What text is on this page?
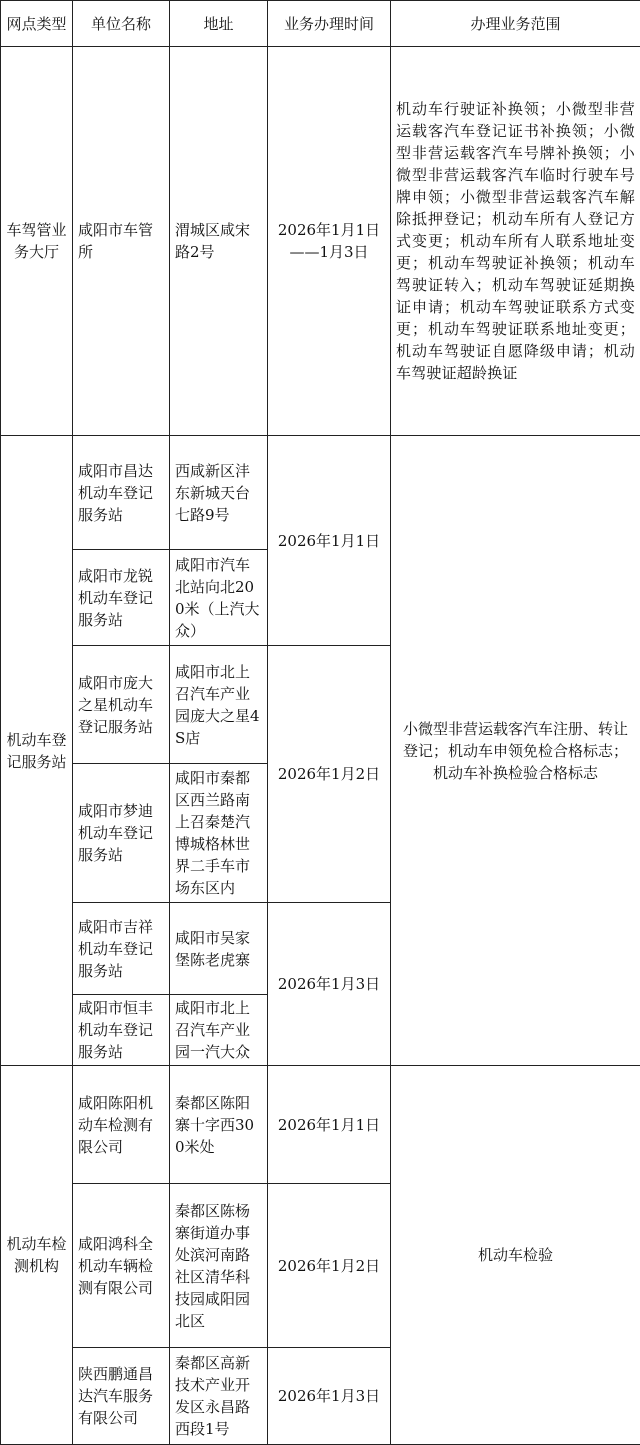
网点类型	单位名称	地址	业务办理时间	办理业务范围
车驾管业务大厅	咸阳市车管所	渭城区咸宋路2号	2026年1月1日——1月3日	机动车行驶证补换领；小微型非营运载客汽车登记证书补换领；小微型非营运载客汽车号牌补换领；小微型非营运载客汽车临时行驶车号牌申领；小微型非营运载客汽车解除抵押登记；机动车所有人登记方式变更；机动车所有人联系地址变更；机动车驾驶证补换领；机动车驾驶证转入；机动车驾驶证延期换证申请；机动车驾驶证联系方式变更；机动车驾驶证联系地址变更；机动车驾驶证自愿降级申请；机动车驾驶证超龄换证
机动车登记服务站	咸阳市昌达机动车登记服务站	西咸新区沣东新城天台七路9号	2026年1月1日	小微型非营运载客汽车注册、转让登记；机动车申领免检合格标志；机动车补换检验合格标志
	咸阳市龙锐机动车登记服务站	咸阳市汽车北站向北200米（上汽大众）		
	咸阳市庞大之星机动车登记服务站	咸阳市北上召汽车产业园庞大之星4S店	2026年1月2日	
	咸阳市梦迪机动车登记服务站	咸阳市秦都区西兰路南上召秦楚汽博城格林世界二手车市场东区内		
	咸阳市吉祥机动车登记服务站	咸阳市吴家堡陈老虎寨	2026年1月3日	
	咸阳市恒丰机动车登记服务站	咸阳市北上召汽车产业园一汽大众		
机动车检测机构	咸阳陈阳机动车检测有限公司	秦都区陈阳寨十字西300米处	2026年1月1日	机动车检验
	咸阳鸿科全机动车辆检测有限公司	秦都区陈杨寨街道办事处滨河南路社区清华科技园咸阳园北区	2026年1月2日	
	陕西鹏通昌达汽车服务有限公司	秦都区高新技术产业开发区永昌路西段1号	2026年1月3日	
